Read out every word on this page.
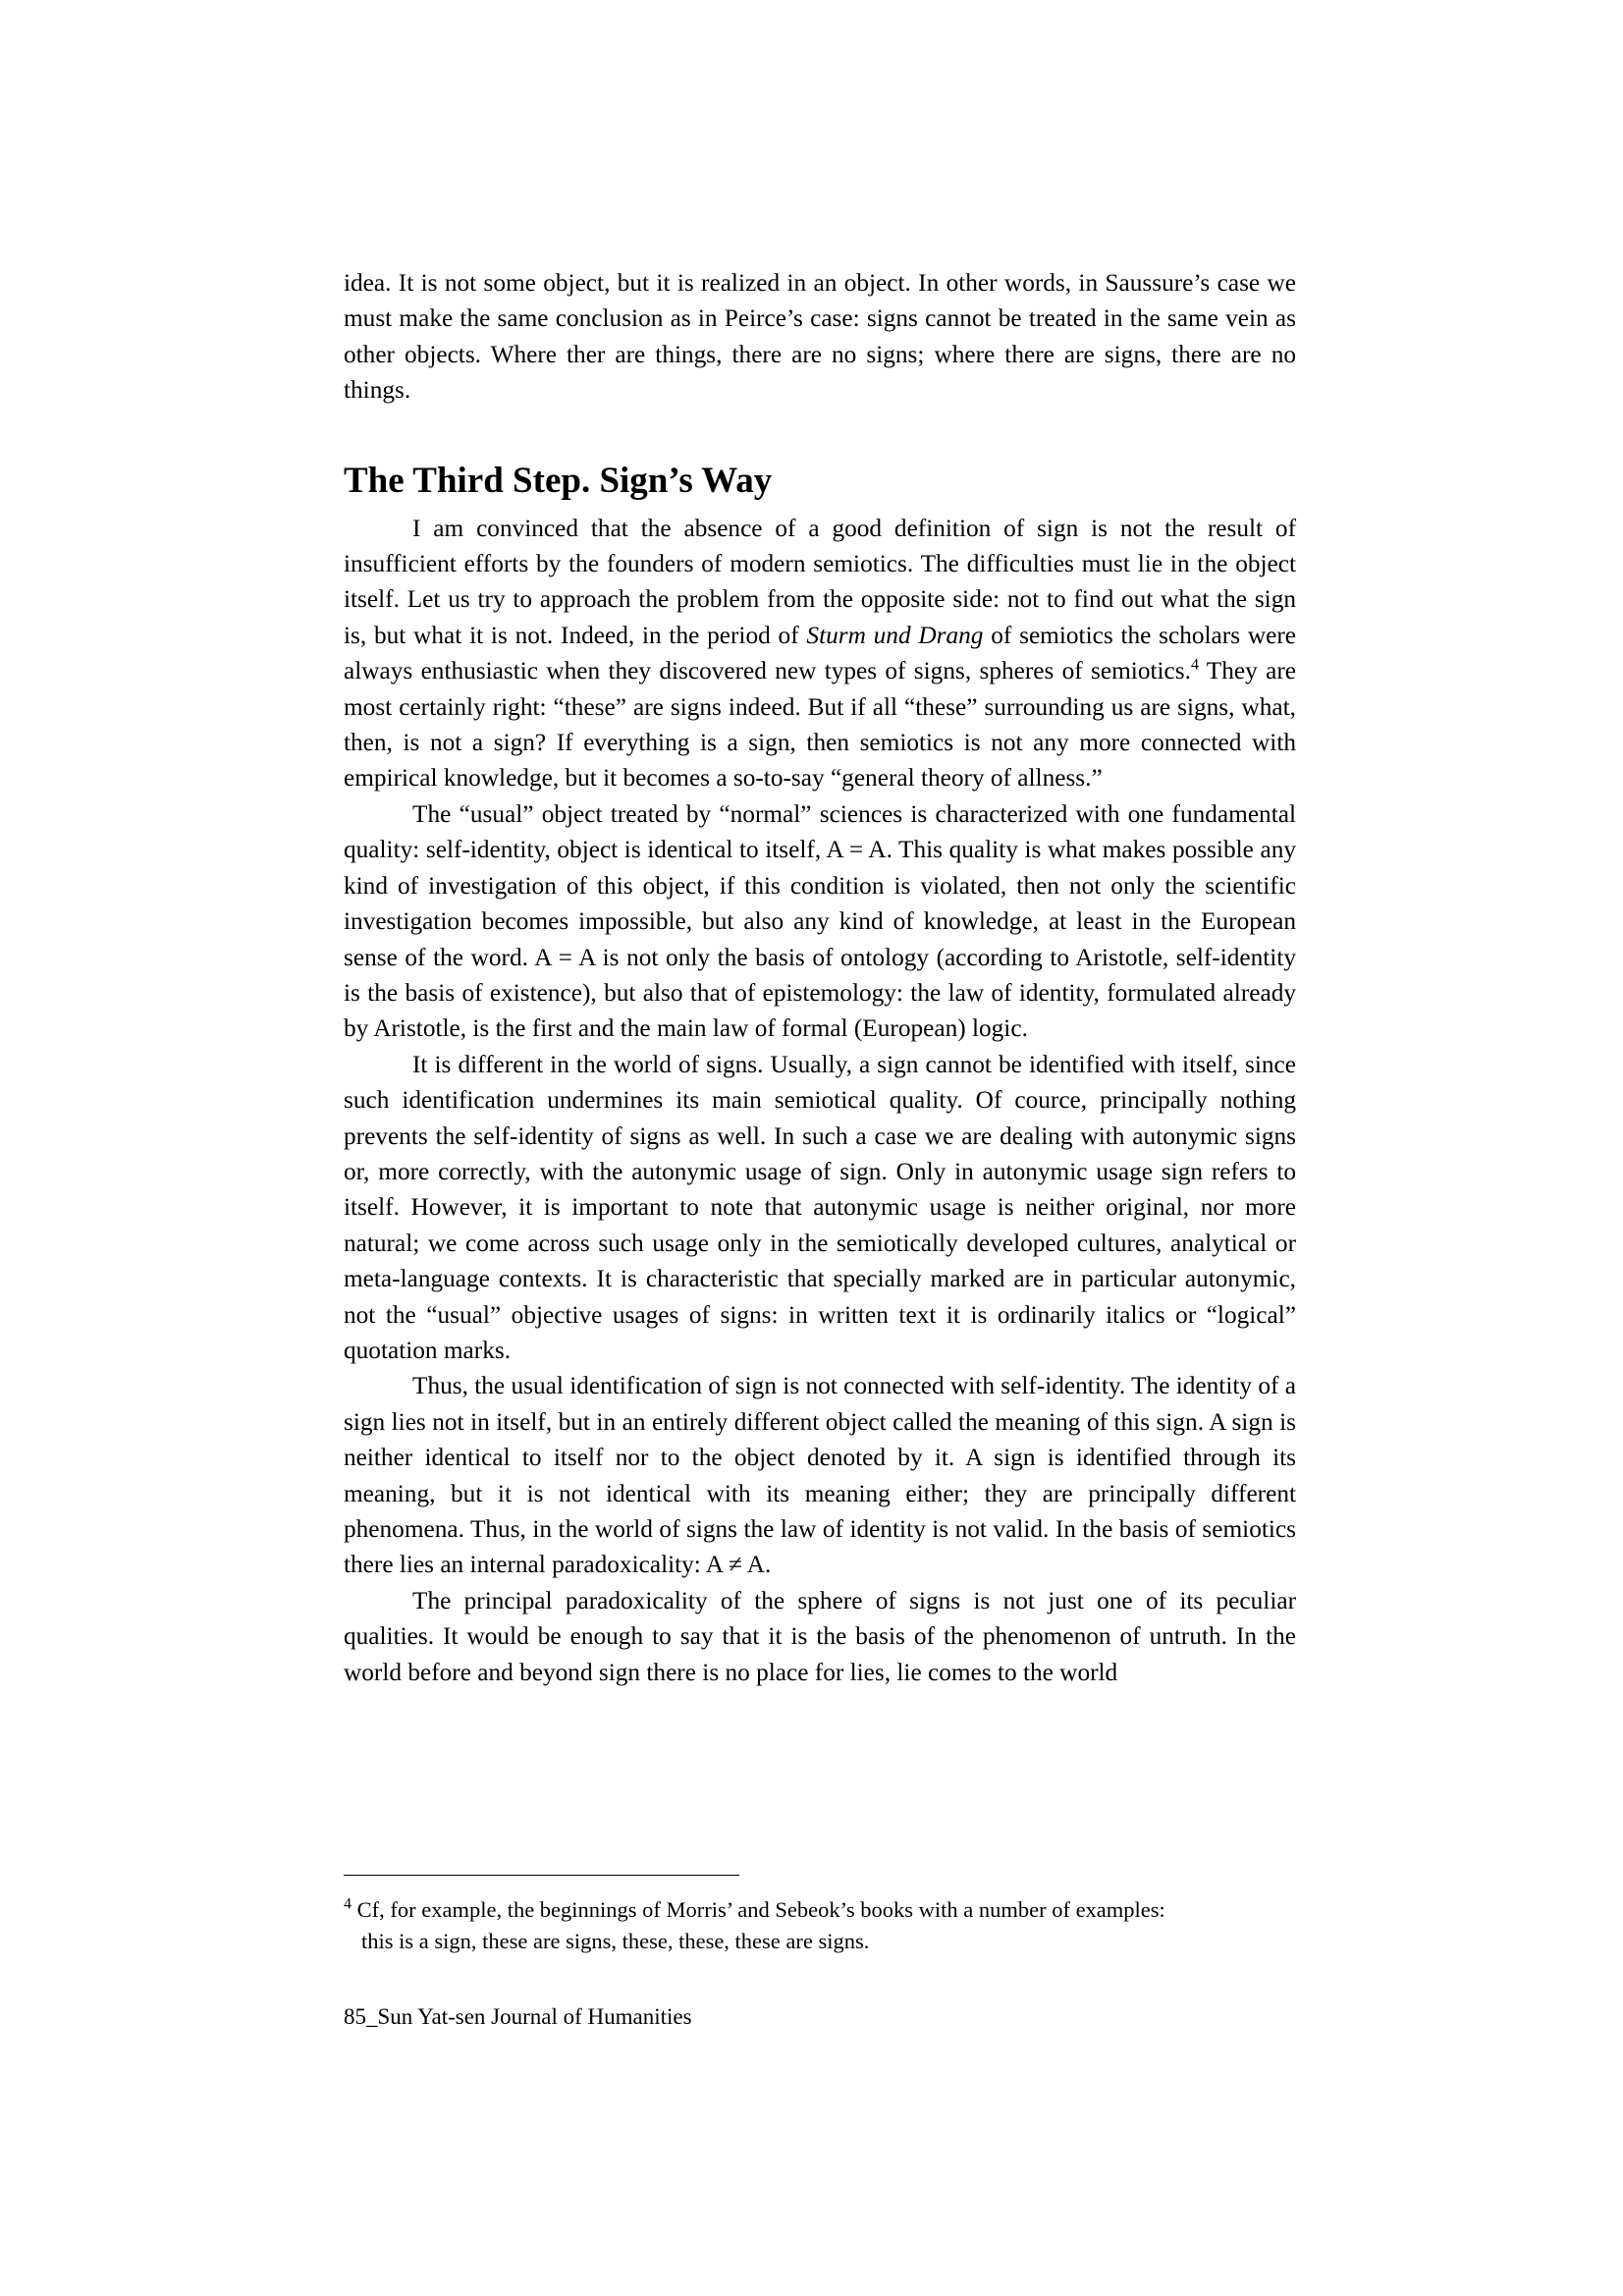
idea. It is not some object, but it is realized in an object. In other words, in Saussure’s case we must make the same conclusion as in Peirce’s case: signs cannot be treated in the same vein as other objects. Where ther are things, there are no signs; where there are signs, there are no things.

The Third Step. Sign’s Way

I am convinced that the absence of a good definition of sign is not the result of insufficient efforts by the founders of modern semiotics. The difficulties must lie in the object itself. Let us try to approach the problem from the opposite side: not to find out what the sign is, but what it is not. Indeed, in the period of Sturm und Drang of semiotics the scholars were always enthusiastic when they discovered new types of signs, spheres of semiotics.$^4$ They are most certainly right: “these” are signs indeed. But if all “these” surrounding us are signs, what, then, is not a sign? If everything is a sign, then semiotics is not any more connected with empirical knowledge, but it becomes a so-to-say “general theory of allness.”

The “usual” object treated by “normal” sciences is characterized with one fundamental quality: self-identity, object is identical to itself, A = A. This quality is what makes possible any kind of investigation of this object, if this condition is violated, then not only the scientific investigation becomes impossible, but also any kind of knowledge, at least in the European sense of the word. A = A is not only the basis of ontology (according to Aristotle, self-identity is the basis of existence), but also that of epistemology: the law of identity, formulated already by Aristotle, is the first and the main law of formal (European) logic.

It is different in the world of signs. Usually, a sign cannot be identified with itself, since such identification undermines its main semiotical quality. Of cource, principally nothing prevents the self-identity of signs as well. In such a case we are dealing with autonymic signs or, more correctly, with the autonymic usage of sign. Only in autonymic usage sign refers to itself. However, it is important to note that autonymic usage is neither original, nor more natural; we come across such usage only in the semiotically developed cultures, analytical or meta-language contexts. It is characteristic that specially marked are in particular autonymic, not the “usual” objective usages of signs: in written text it is ordinarily italics or “logical” quotation marks.

Thus, the usual identification of sign is not connected with self-identity. The identity of a sign lies not in itself, but in an entirely different object called the meaning of this sign. A sign is neither identical to itself nor to the object denoted by it. A sign is identified through its meaning, but it is not identical with its meaning either; they are principally different phenomena. Thus, in the world of signs the law of identity is not valid. In the basis of semiotics there lies an internal paradoxicality: A ≠ A.

The principal paradoxicality of the sphere of signs is not just one of its peculiar qualities. It would be enough to say that it is the basis of the phenomenon of untruth. In the world before and beyond sign there is no place for lies, lie comes to the world

$^4$ Cf, for example, the beginnings of Morris’ and Sebeok’s books with a number of examples:
this is a sign, these are signs, these, these, these are signs.
85_Sun Yat-sen Journal of Humanities
